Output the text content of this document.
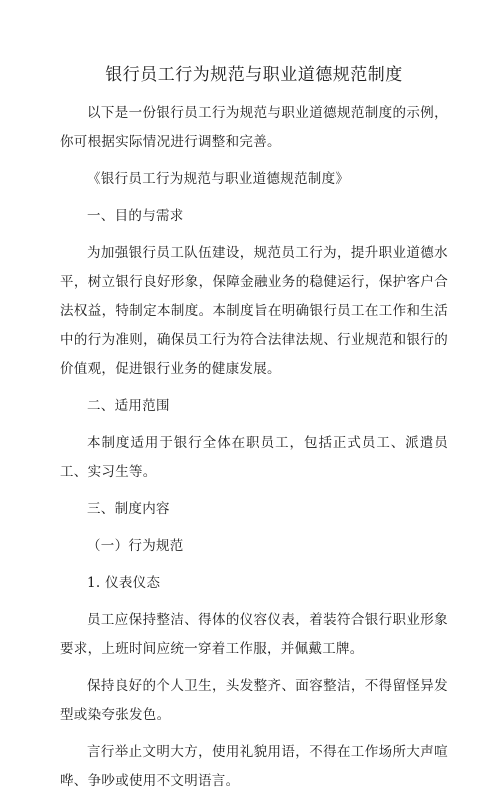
银行员工行为规范与职业道德规范制度

以下是一份银行员工行为规范与职业道德规范制度的示例，你可根据实际情况进行调整和完善。

《银行员工行为规范与职业道德规范制度》

一、目的与需求

为加强银行员工队伍建设，规范员工行为，提升职业道德水平，树立银行良好形象，保障金融业务的稳健运行，保护客户合法权益，特制定本制度。本制度旨在明确银行员工在工作和生活中的行为准则，确保员工行为符合法律法规、行业规范和银行的价值观，促进银行业务的健康发展。

二、适用范围

本制度适用于银行全体在职员工，包括正式员工、派遣员工、实习生等。

三、制度内容

（一）行为规范

1. 仪表仪态

员工应保持整洁、得体的仪容仪表，着装符合银行职业形象要求，上班时间应统一穿着工作服，并佩戴工牌。

保持良好的个人卫生，头发整齐、面容整洁，不得留怪异发型或染夸张发色。

言行举止文明大方，使用礼貌用语，不得在工作场所大声喧哗、争吵或使用不文明语言。
